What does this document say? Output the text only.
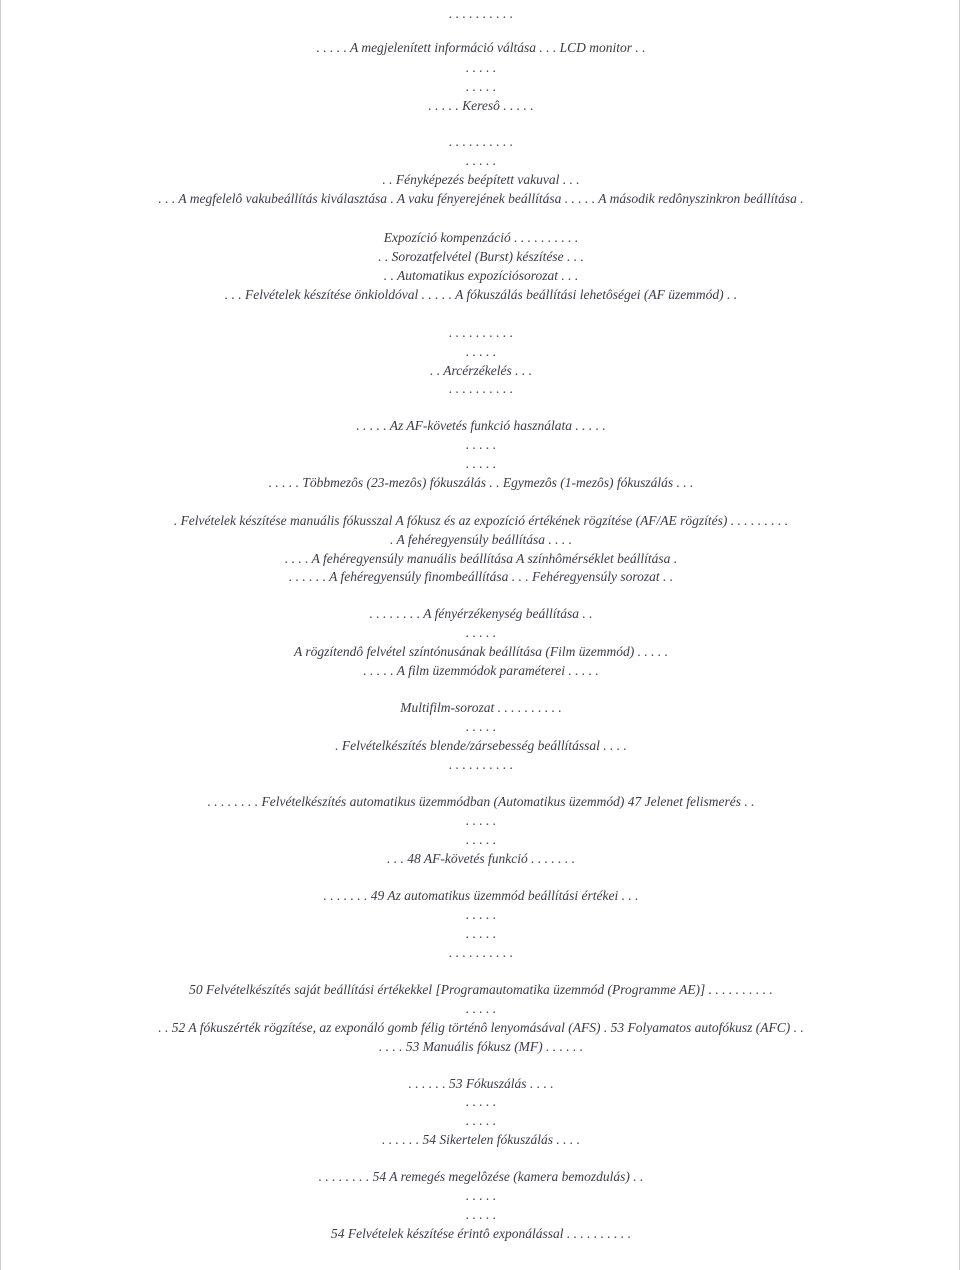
. . . . . . . . . .
. . . . . A megjelenített információ váltása . . . LCD monitor . .
. . . . .
. . . . .
. . . . . Keresô . . . . .
. . . . . . . . . .
. . . . .
. . Fényképezés beépített vakuval . . .
. . . A megfelelô vakubeállítás kiválasztása . A vaku fényerejének beállítása . . . . . A második redônyszinkron beállítása .
Expozíció kompenzáció . . . . . . . . . .
. . Sorozatfelvétel (Burst) készítése . . .
. . Automatikus expozíciósorozat . . .
. . . Felvételek készítése önkioldóval . . . . . A fókuszálás beállítási lehetôségei (AF üzemmód) . .
. . . . . . . . . .
. . . . .
. . Arcérzékelés . . .
. . . . . . . . . .
. . . . . Az AF-követés funkció használata . . . . .
. . . . .
. . . . .
. . . . . Többmezôs (23-mezôs) fókuszálás . . Egymezôs (1-mezôs) fókuszálás . . .
. Felvételek készítése manuális fókusszal A fókusz és az expozíció értékének rögzítése (AF/AE rögzítés) . . . . . . . . .
. A fehéregyensúly beállítása . . . .
. . . . A fehéregyensúly manuális beállítása A színhômérséklet beállítása .
. . . . . . A fehéregyensúly finombeállítása . . . Fehéregyensúly sorozat . .
. . . . . . . . A fényérzékenység beállítása . .
. . . . .
A rögzítendô felvétel színtónusának beállítása (Film üzemmód) . . . . .
. . . . . A film üzemmódok paraméterei . . . . .
Multifilm-sorozat . . . . . . . . . .
. . . . .
. Felvételkészítés blende/zársebesség beállítással . . . .
. . . . . . . . . .
. . . . . . . . Felvételkészítés automatikus üzemmódban (Automatikus üzemmód) 47 Jelenet felismerés . .
. . . . .
. . . . .
. . . 48 AF-követés funkció . . . . . . .
. . . . . . . 49 Az automatikus üzemmód beállítási értékei . . .
. . . . .
. . . . .
. . . . . . . . . .
50 Felvételkészítés saját beállítási értékekkel [Programautomatika üzemmód (Programme AE)] . . . . . . . . . .
. . . . .
. . 52 A fókuszérték rögzítése, az exponáló gomb félig történô lenyomásával (AFS) . 53 Folyamatos autofókusz (AFC) . .
. . . . 53 Manuális fókusz (MF) . . . . . .
. . . . . . 53 Fókuszálás . . . .
. . . . .
. . . . .
. . . . . . 54 Sikertelen fókuszálás . . . .
. . . . . . . . 54 A remegés megelôzése (kamera bemozdulás) . .
. . . . .
. . . . .
54 Felvételek készítése érintô exponálással . . . . . . . . . .
